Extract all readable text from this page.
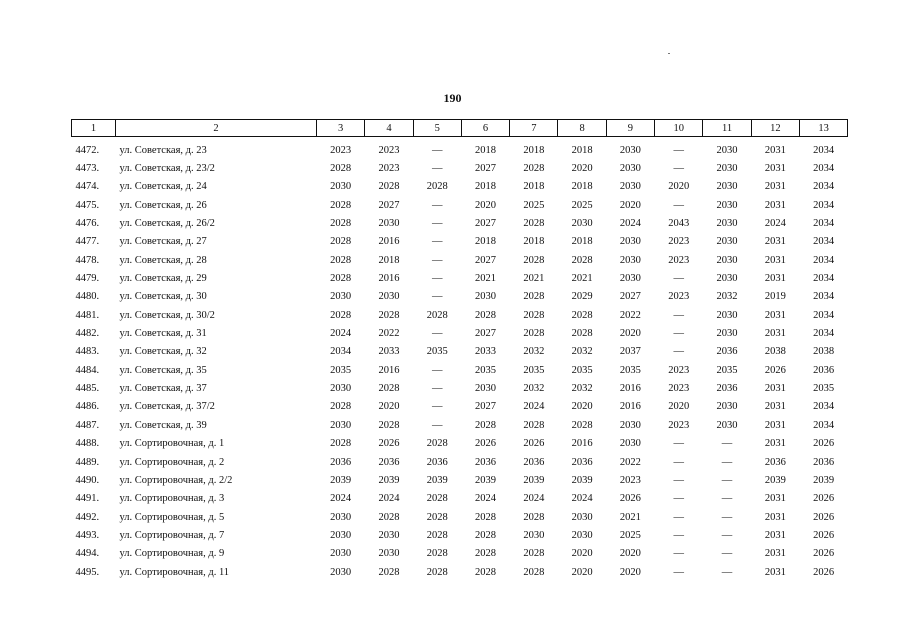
190
1	2	3	4	5	6	7	8	9	10	11	12	13
4472.	ул. Советская, д. 23	2023	2023	—	2018	2018	2018	2030	—	2030	2031	2034
4473.	ул. Советская, д. 23/2	2028	2023	—	2027	2028	2020	2030	—	2030	2031	2034
4474.	ул. Советская, д. 24	2030	2028	2028	2018	2018	2018	2030	2020	2030	2031	2034
4475.	ул. Советская, д. 26	2028	2027	—	2020	2025	2025	2020	—	2030	2031	2034
4476.	ул. Советская, д. 26/2	2028	2030	—	2027	2028	2030	2024	2043	2030	2024	2034
4477.	ул. Советская, д. 27	2028	2016	—	2018	2018	2018	2030	2023	2030	2031	2034
4478.	ул. Советская, д. 28	2028	2018	—	2027	2028	2028	2030	2023	2030	2031	2034
4479.	ул. Советская, д. 29	2028	2016	—	2021	2021	2021	2030	—	2030	2031	2034
4480.	ул. Советская, д. 30	2030	2030	—	2030	2028	2029	2027	2023	2032	2019	2034
4481.	ул. Советская, д. 30/2	2028	2028	2028	2028	2028	2028	2022	—	2030	2031	2034
4482.	ул. Советская, д. 31	2024	2022	—	2027	2028	2028	2020	—	2030	2031	2034
4483.	ул. Советская, д. 32	2034	2033	2035	2033	2032	2032	2037	—	2036	2038	2038
4484.	ул. Советская, д. 35	2035	2016	—	2035	2035	2035	2035	2023	2035	2026	2036
4485.	ул. Советская, д. 37	2030	2028	—	2030	2032	2032	2016	2023	2036	2031	2035
4486.	ул. Советская, д. 37/2	2028	2020	—	2027	2024	2020	2016	2020	2030	2031	2034
4487.	ул. Советская, д. 39	2030	2028	—	2028	2028	2028	2030	2023	2030	2031	2034
4488.	ул. Сортировочная, д. 1	2028	2026	2028	2026	2026	2016	2030	—	—	2031	2026
4489.	ул. Сортировочная, д. 2	2036	2036	2036	2036	2036	2036	2022	—	—	2036	2036
4490.	ул. Сортировочная, д. 2/2	2039	2039	2039	2039	2039	2039	2023	—	—	2039	2039
4491.	ул. Сортировочная, д. 3	2024	2024	2028	2024	2024	2024	2026	—	—	2031	2026
4492.	ул. Сортировочная, д. 5	2030	2028	2028	2028	2028	2030	2021	—	—	2031	2026
4493.	ул. Сортировочная, д. 7	2030	2030	2028	2028	2030	2030	2025	—	—	2031	2026
4494.	ул. Сортировочная, д. 9	2030	2030	2028	2028	2028	2020	2020	—	—	2031	2026
4495.	ул. Сортировочная, д. 11	2030	2028	2028	2028	2028	2020	2020	—	—	2031	2026
